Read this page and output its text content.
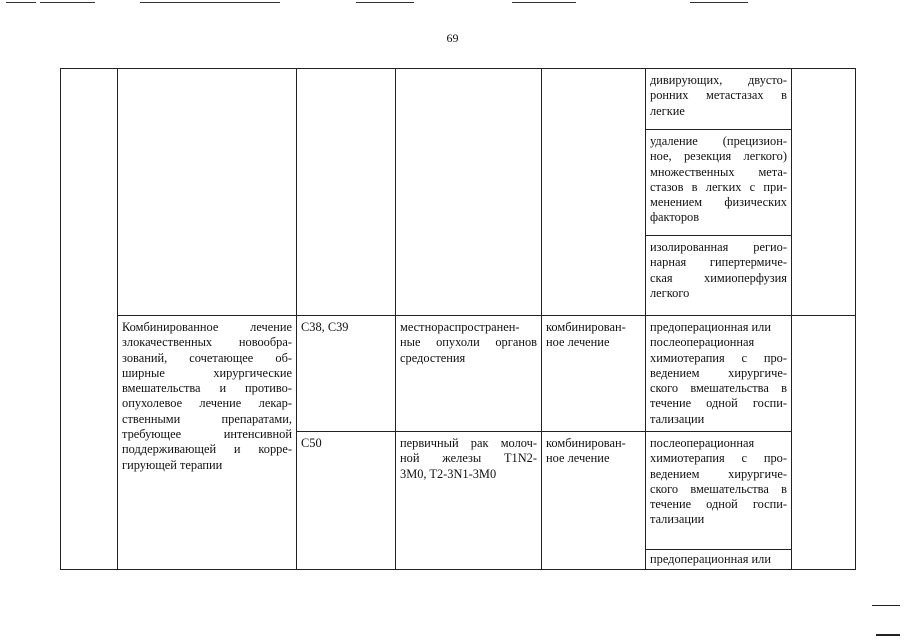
69
дивирующих, двусто-
ронних метастазах в
легкие
удаление (прецизион-
ное, резекция легкого)
множественных мета-
стазов в легких с при-
менением физических
факторов
изолированная регио-
нарная гипертермиче-
ская химиоперфузия
легкого
Комбинированное лечение
злокачественных новообра-
зований, сочетающее об-
ширные хирургические
вмешательства и противо-
опухолевое лечение лекар-
ственными препаратами,
требующее интенсивной
поддерживающей и корре-
гирующей терапии
C38, C39	местнораспространен-
ные опухоли органов
средостения
комбинирован-
ное лечение
предоперационная или
послеоперационная
химиотерапия с про-
ведением хирургиче-
ского вмешательства в
течение одной госпи-
тализации
C50	первичный рак молоч-
ной железы T1N2-
3M0, T2-3N1-3M0
комбинирован-
ное лечение
послеоперационная
химиотерапия с про-
ведением хирургиче-
ского вмешательства в
течение одной госпи-
тализации
предоперационная или
